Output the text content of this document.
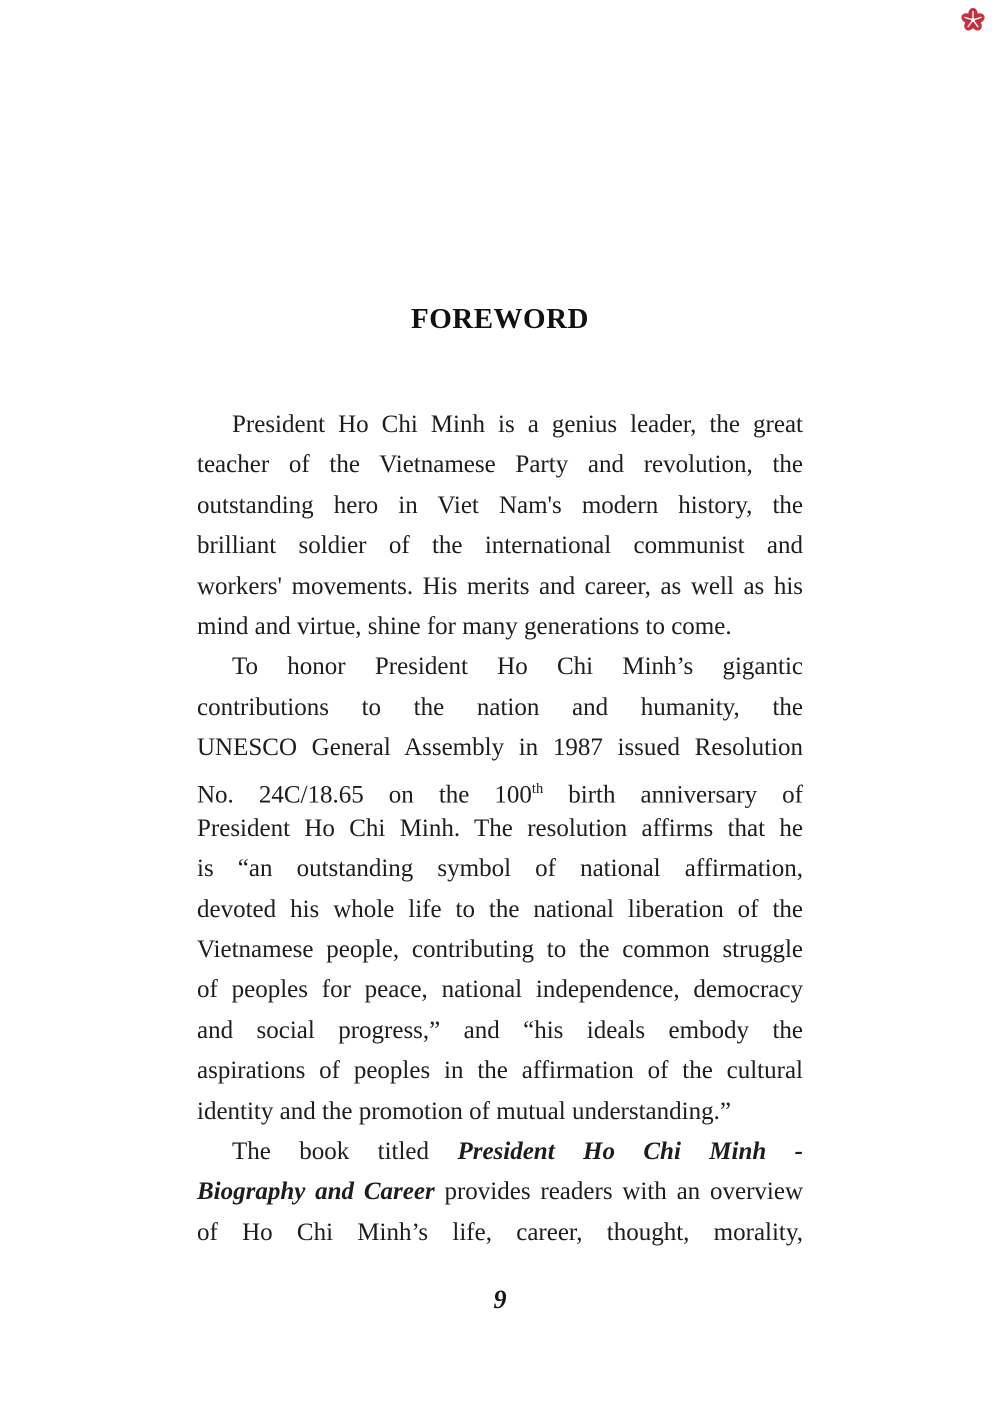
FOREWORD
President Ho Chi Minh is a genius leader, the great
teacher of the Vietnamese Party and revolution, the
outstanding hero in Viet Nam's modern history, the
brilliant soldier of the international communist and
workers' movements. His merits and career, as well as his
mind and virtue, shine for many generations to come.
To honor President Ho Chi Minh’s gigantic
contributions to the nation and humanity, the
UNESCO General Assembly in 1987 issued Resolution
No. 24C/18.65 on the 100th birth anniversary of
President Ho Chi Minh. The resolution affirms that he
is “an outstanding symbol of national affirmation,
devoted his whole life to the national liberation of the
Vietnamese people, contributing to the common struggle
of peoples for peace, national independence, democracy
and social progress,” and “his ideals embody the
aspirations of peoples in the affirmation of the cultural
identity and the promotion of mutual understanding.”
The book titled President Ho Chi Minh -
Biography and Career provides readers with an overview
of Ho Chi Minh’s life, career, thought, morality,
9
